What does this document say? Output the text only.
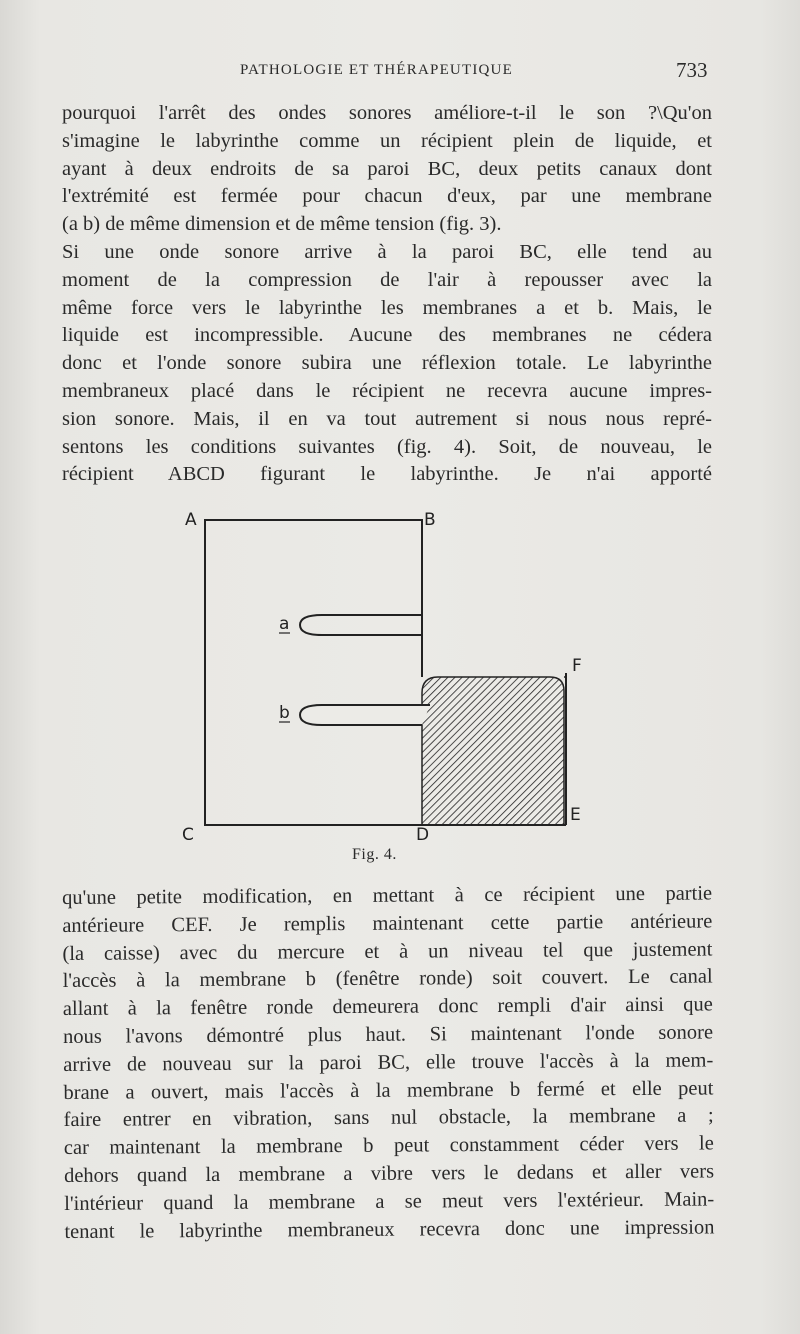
PATHOLOGIE ET THÉRAPEUTIQUE	733
pourquoi l'arrêt des ondes sonores améliore-t-il le son ?\Qu'on
s'imagine le labyrinthe comme un récipient plein de liquide, et
ayant à deux endroits de sa paroi BC, deux petits canaux dont
l'extrémité est fermée pour chacun d'eux, par une membrane
(a b) de même dimension et de même tension (fig. 3).
Si une onde sonore arrive à la paroi BC, elle tend au
moment de la compression de l'air à repousser avec la
même force vers le labyrinthe les membranes a et b. Mais, le
liquide est incompressible. Aucune des membranes ne cédera
donc et l'onde sonore subira une réflexion totale. Le labyrinthe
membraneux placé dans le récipient ne recevra aucune impres-
sion sonore. Mais, il en va tout autrement si nous nous repré-
sentons les conditions suivantes (fig. 4). Soit, de nouveau, le
récipient ABCD figurant le labyrinthe. Je n'ai apporté
A	B
C	D
E
F
a
b
Fig. 4.
qu'une petite modification, en mettant à ce récipient une partie
antérieure CEF. Je remplis maintenant cette partie antérieure
(la caisse) avec du mercure et à un niveau tel que justement
l'accès à la membrane b (fenêtre ronde) soit couvert. Le canal
allant à la fenêtre ronde demeurera donc rempli d'air ainsi que
nous l'avons démontré plus haut. Si maintenant l'onde sonore
arrive de nouveau sur la paroi BC, elle trouve l'accès à la mem-
brane a ouvert, mais l'accès à la membrane b fermé et elle peut
faire entrer en vibration, sans nul obstacle, la membrane a ;
car maintenant la membrane b peut constamment céder vers le
dehors quand la membrane a vibre vers le dedans et aller vers
l'intérieur quand la membrane a se meut vers l'extérieur. Main-
tenant le labyrinthe membraneux recevra donc une impression
